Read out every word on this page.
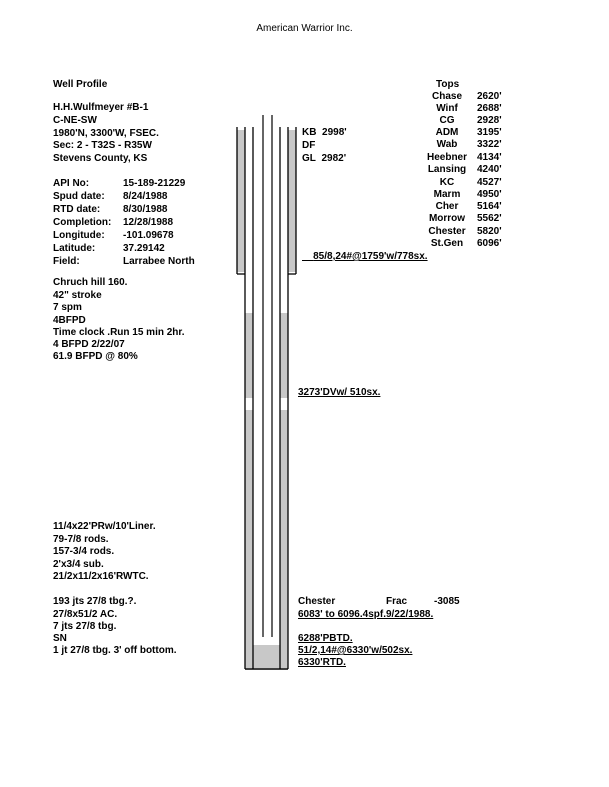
American Warrior Inc.
Well Profile
H.H.Wulfmeyer #B-1
C-NE-SW
1980'N, 3300'W, FSEC.
Sec: 2 - T32S - R35W
Stevens County, KS
API No:	15-189-21229
Spud date: 8/24/1988
RTD date: 8/30/1988
Completion: 12/28/1988
Longitude: -101.09678
Latitude:	37.29142
Field:	Larrabee North
Chruch hill 160.
42" stroke
7 spm
4BFPD
Time clock .Run 15 min 2hr.
4 BFPD 2/22/07
61.9 BFPD @ 80%
11/4x22'PRw/10'Liner.
79-7/8 rods.
157-3/4 rods.
2'x3/4 sub.
21/2x11/2x16'RWTC.
193 jts 27/8 tbg.?.
27/8x51/2 AC.
7 jts 27/8 tbg.
SN
1 jt 27/8 tbg. 3' off bottom.
KB 2998'
DF
GL 2982'
85/8,24#@1759'w/778sx.
3273'DVw/ 510sx.
Chester	Frac	-3085
6083' to 6096.4spf.9/22/1988.
6288'PBTD.
51/2,14#@6330'w/502sx.
6330'RTD.
Tops
Chase	2620'
Winf	2688'
CG	2928'
ADM	3195'
Wab	3322'
Heebner	4134'
Lansing	4240'
KC	4527'
Marm	4950'
Cher	5164'
Morrow	5562'
Chester	5820'
St.Gen	6096'
